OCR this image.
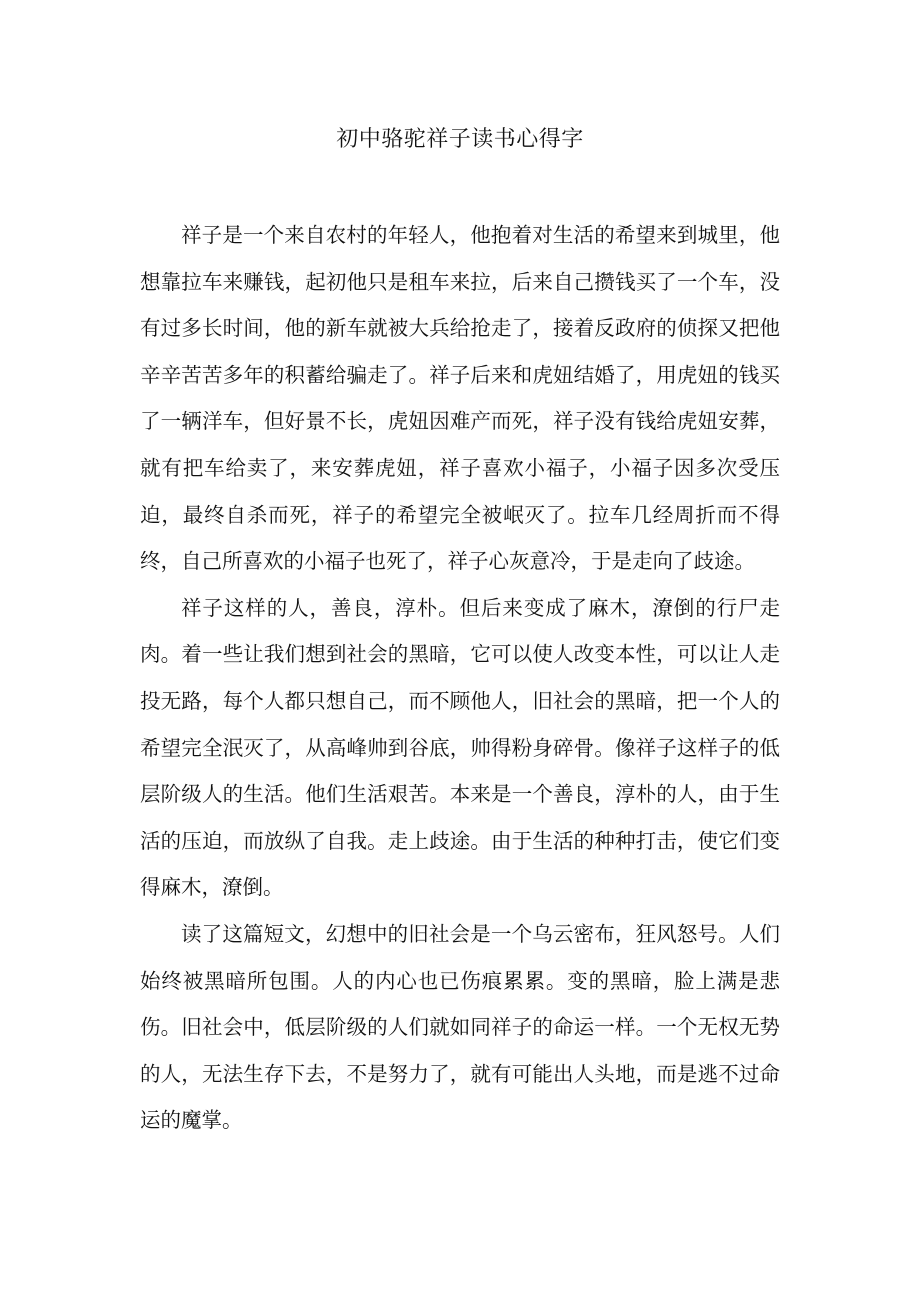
初中骆驼祥子读书心得字

祥子是一个来自农村的年轻人，他抱着对生活的希望来到城里，他想靠拉车来赚钱，起初他只是租车来拉，后来自己攒钱买了一个车，没有过多长时间，他的新车就被大兵给抢走了，接着反政府的侦探又把他辛辛苦苦多年的积蓄给骗走了。祥子后来和虎妞结婚了，用虎妞的钱买了一辆洋车，但好景不长，虎妞因难产而死，祥子没有钱给虎妞安葬，就有把车给卖了，来安葬虎妞，祥子喜欢小福子，小福子因多次受压迫，最终自杀而死，祥子的希望完全被岷灭了。拉车几经周折而不得终，自己所喜欢的小福子也死了，祥子心灰意冷，于是走向了歧途。

祥子这样的人，善良，淳朴。但后来变成了麻木，潦倒的行尸走肉。着一些让我们想到社会的黑暗，它可以使人改变本性，可以让人走投无路，每个人都只想自己，而不顾他人，旧社会的黑暗，把一个人的希望完全泯灭了，从高峰帅到谷底，帅得粉身碎骨。像祥子这样子的低层阶级人的生活。他们生活艰苦。本来是一个善良，淳朴的人，由于生活的压迫，而放纵了自我。走上歧途。由于生活的种种打击，使它们变得麻木，潦倒。

读了这篇短文，幻想中的旧社会是一个乌云密布，狂风怒号。人们始终被黑暗所包围。人的内心也已伤痕累累。变的黑暗，脸上满是悲伤。旧社会中，低层阶级的人们就如同祥子的命运一样。一个无权无势的人，无法生存下去，不是努力了，就有可能出人头地，而是逃不过命运的魔掌。
